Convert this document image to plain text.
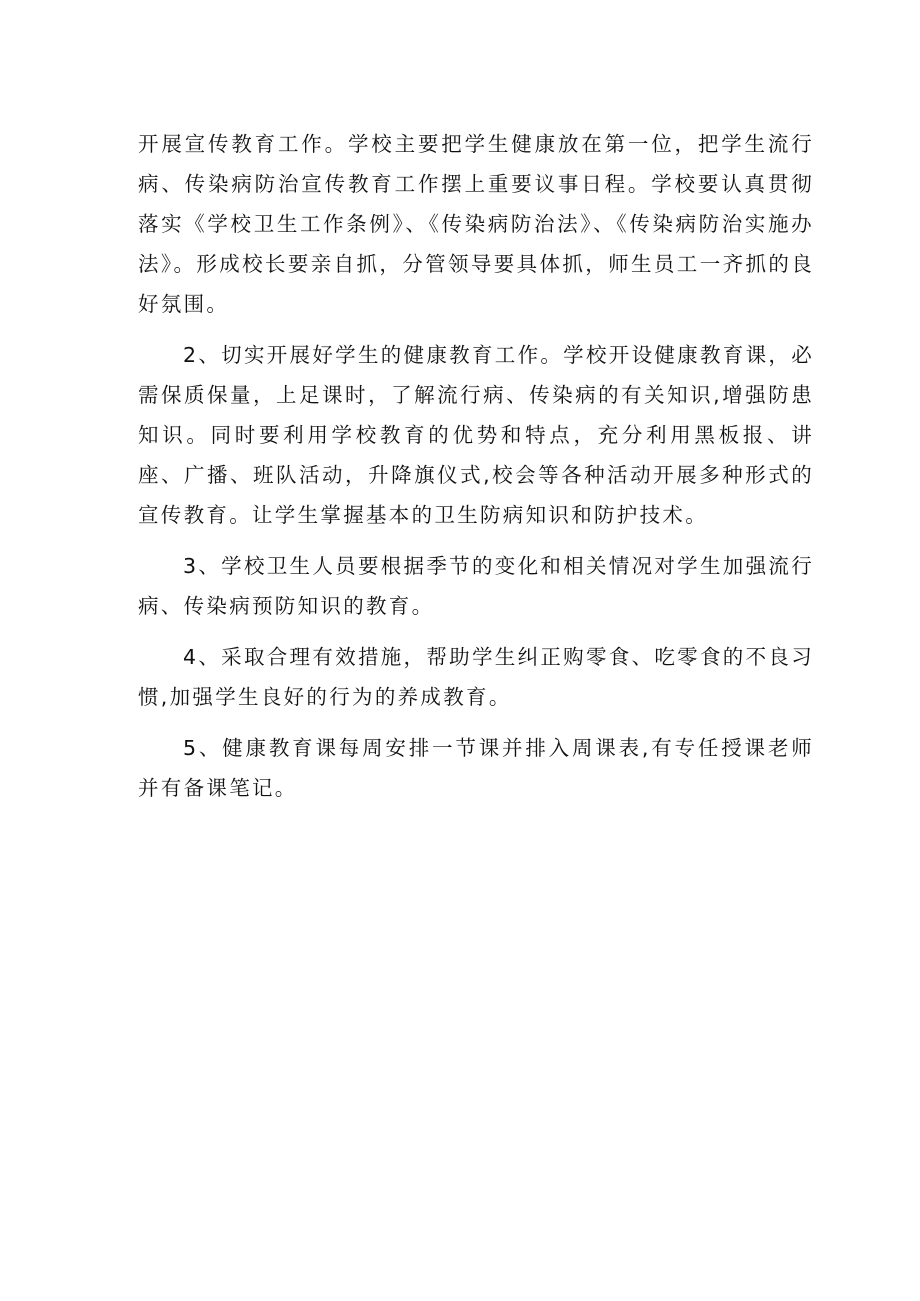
开展宣传教育工作。学校主要把学生健康放在第一位，把学生流行病、传染病防治宣传教育工作摆上重要议事日程。学校要认真贯彻落实《学校卫生工作条例》、《传染病防治法》、《传染病防治实施办法》。形成校长要亲自抓，分管领导要具体抓，师生员工一齐抓的良好氛围。

2、切实开展好学生的健康教育工作。学校开设健康教育课，必需保质保量，上足课时，了解流行病、传染病的有关知识,增强防患知识。同时要利用学校教育的优势和特点，充分利用黑板报、讲座、广播、班队活动，升降旗仪式,校会等各种活动开展多种形式的宣传教育。让学生掌握基本的卫生防病知识和防护技术。

3、学校卫生人员要根据季节的变化和相关情况对学生加强流行病、传染病预防知识的教育。

4、采取合理有效措施，帮助学生纠正购零食、吃零食的不良习惯,加强学生良好的行为的养成教育。

5、健康教育课每周安排一节课并排入周课表,有专任授课老师并有备课笔记。
